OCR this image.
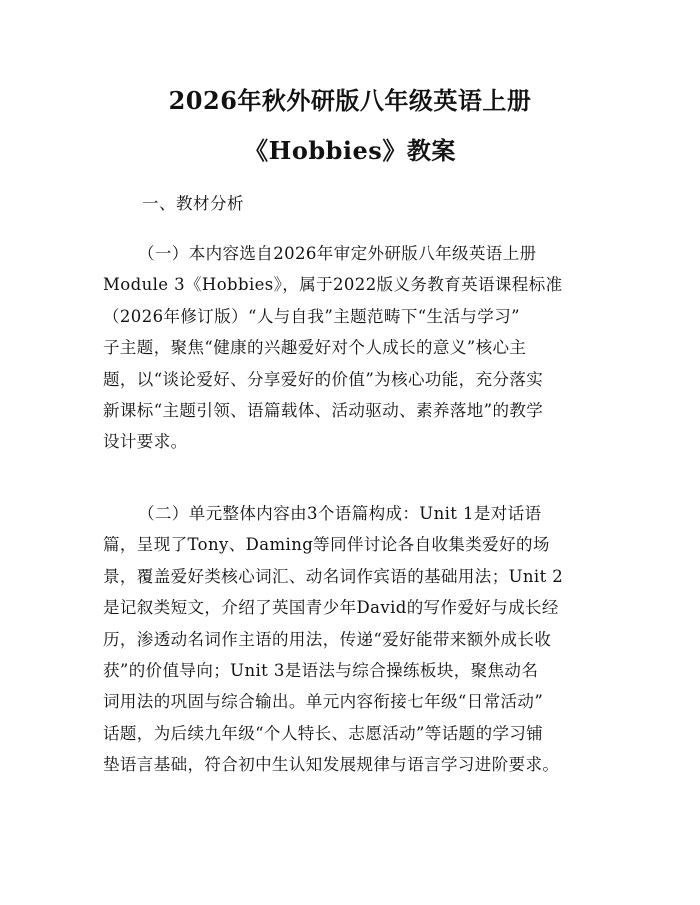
2026年秋外研版八年级英语上册
《Hobbies》教案
一、教材分析

（一）本内容选自2026年审定外研版八年级英语上册
Module 3《Hobbies》，属于2022版义务教育英语课程标准
（2026年修订版）“人与自我”主题范畴下“生活与学习”
子主题，聚焦“健康的兴趣爱好对个人成长的意义”核心主
题，以“谈论爱好、分享爱好的价值”为核心功能，充分落实
新课标“主题引领、语篇载体、活动驱动、素养落地”的教学
设计要求。

（二）单元整体内容由3个语篇构成：Unit 1是对话语
篇，呈现了Tony、Daming等同伴讨论各自收集类爱好的场
景，覆盖爱好类核心词汇、动名词作宾语的基础用法；Unit 2
是记叙类短文，介绍了英国青少年David的写作爱好与成长经
历，渗透动名词作主语的用法，传递“爱好能带来额外成长收
获”的价值导向；Unit 3是语法与综合操练板块，聚焦动名
词用法的巩固与综合输出。单元内容衔接七年级“日常活动”
话题，为后续九年级“个人特长、志愿活动”等话题的学习铺
垫语言基础，符合初中生认知发展规律与语言学习进阶要求。
